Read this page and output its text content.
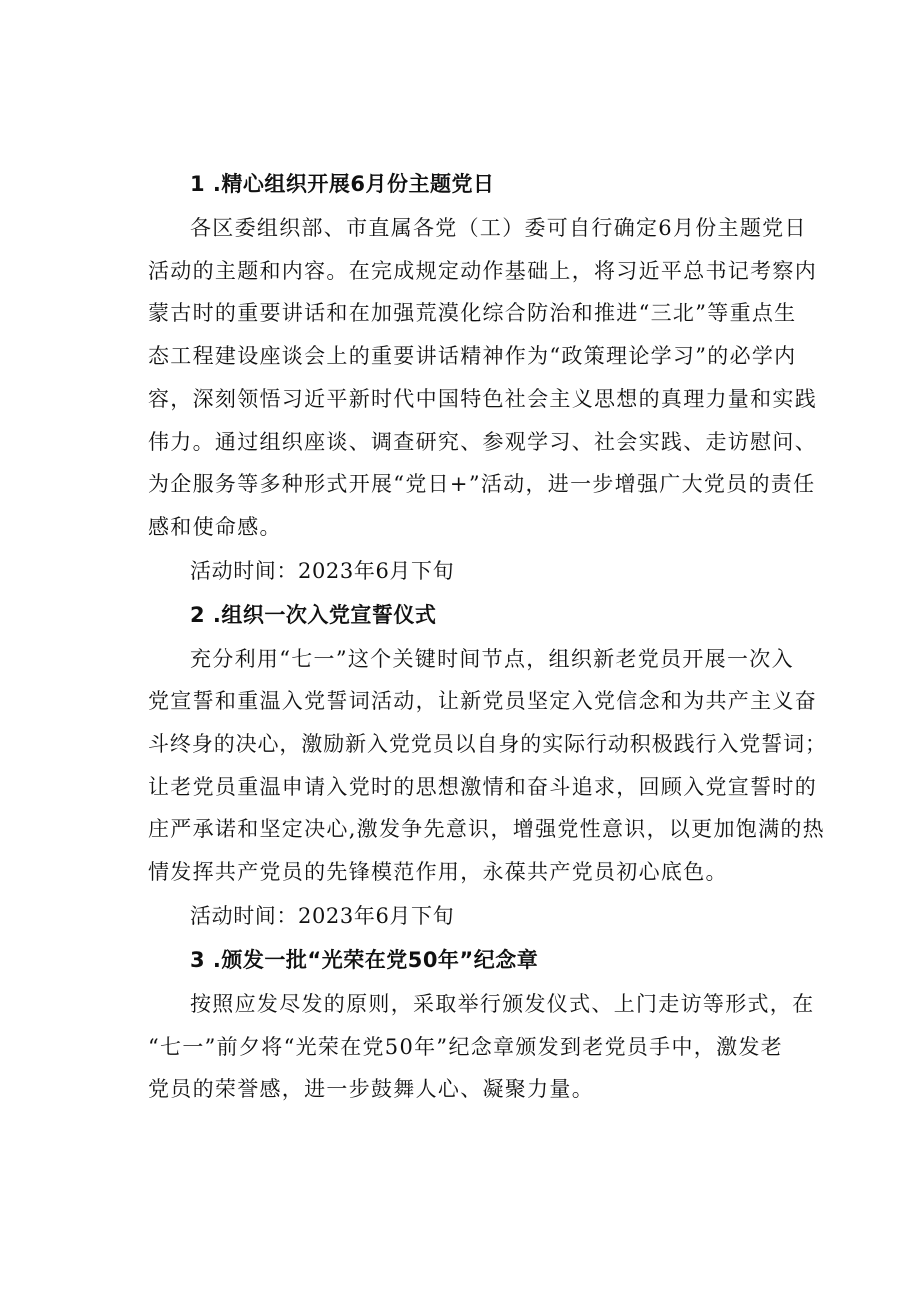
1 .精心组织开展6月份主题党日

各区委组织部、市直属各党（工）委可自行确定6月份主题党日
活动的主题和内容。在完成规定动作基础上，将习近平总书记考察内
蒙古时的重要讲话和在加强荒漠化综合防治和推进“三北”等重点生
态工程建设座谈会上的重要讲话精神作为“政策理论学习”的必学内
容，深刻领悟习近平新时代中国特色社会主义思想的真理力量和实践
伟力。通过组织座谈、调查研究、参观学习、社会实践、走访慰问、
为企服务等多种形式开展“党日+”活动，进一步增强广大党员的责任
感和使命感。

活动时间：2023年6月下旬

2 .组织一次入党宣誓仪式

充分利用“七一”这个关键时间节点，组织新老党员开展一次入
党宣誓和重温入党誓词活动，让新党员坚定入党信念和为共产主义奋
斗终身的决心，激励新入党党员以自身的实际行动积极践行入党誓词；
让老党员重温申请入党时的思想激情和奋斗追求，回顾入党宣誓时的
庄严承诺和坚定决心,激发争先意识，增强党性意识，以更加饱满的热
情发挥共产党员的先锋模范作用，永葆共产党员初心底色。

活动时间：2023年6月下旬

3 .颁发一批“光荣在党50年”纪念章

按照应发尽发的原则，采取举行颁发仪式、上门走访等形式，在
“七一”前夕将“光荣在党50年”纪念章颁发到老党员手中，激发老
党员的荣誉感，进一步鼓舞人心、凝聚力量。
